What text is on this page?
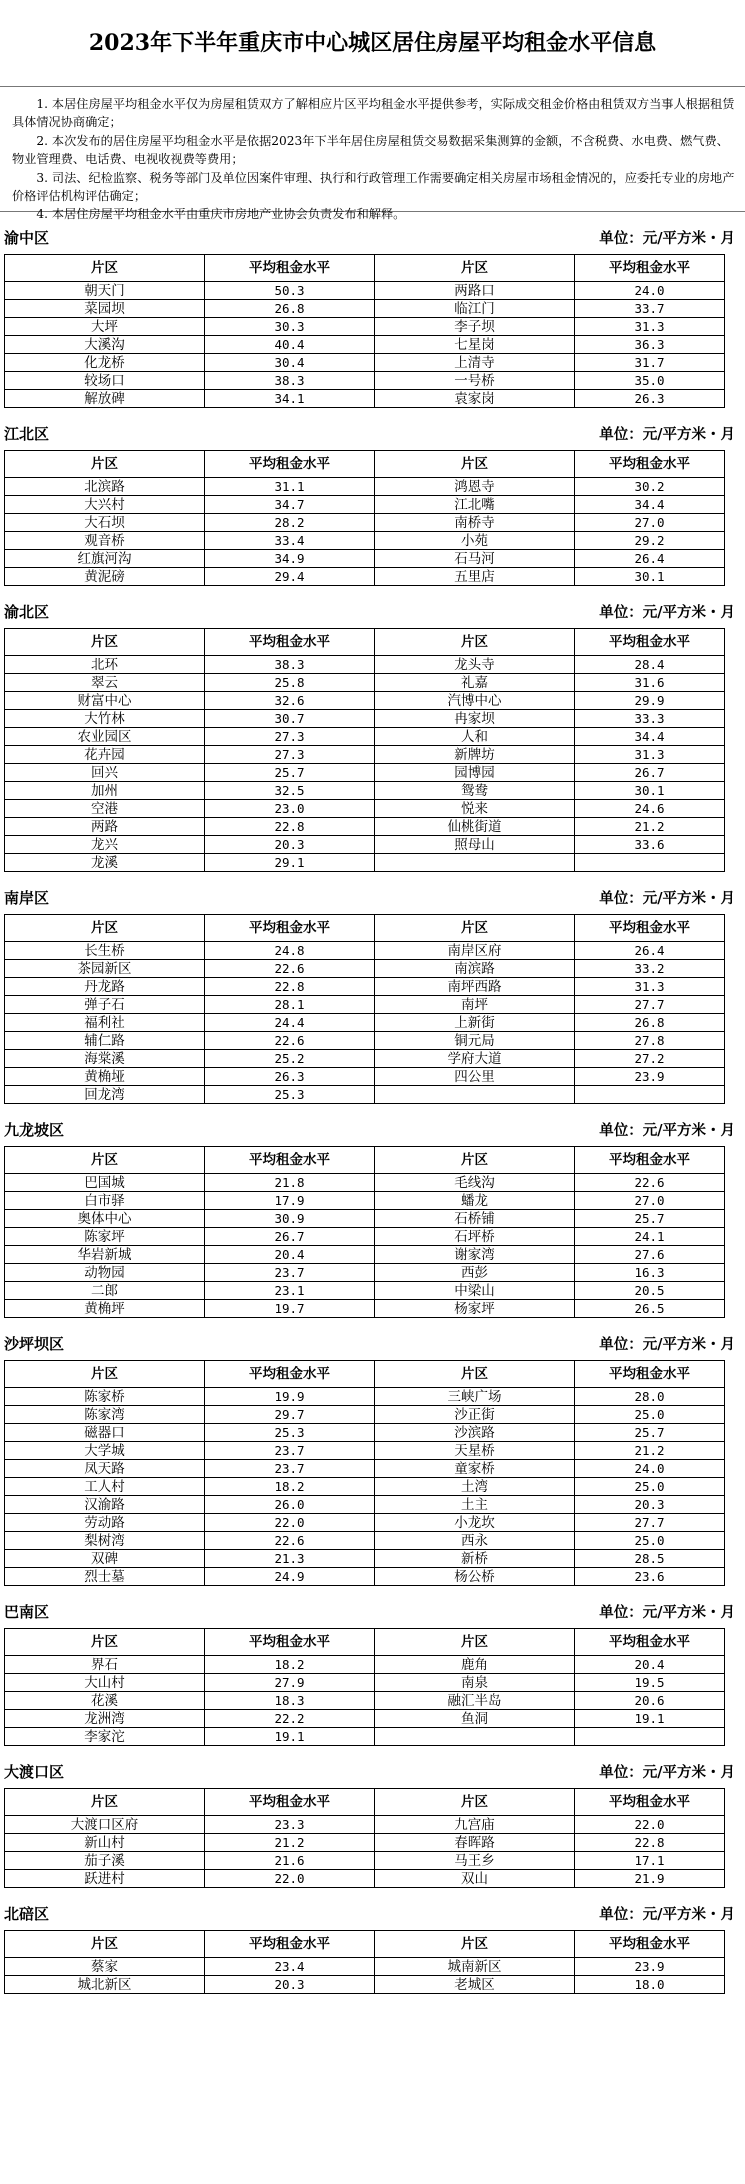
2023年下半年重庆市中心城区居住房屋平均租金水平信息

1. 本居住房屋平均租金水平仅为房屋租赁双方了解相应片区平均租金水平提供参考，实际成交租金价格由租赁双方当事人根据租赁具体情况协商确定；

2. 本次发布的居住房屋平均租金水平是依据2023年下半年居住房屋租赁交易数据采集测算的金额，不含税费、水电费、燃气费、物业管理费、电话费、电视收视费等费用；

3. 司法、纪检监察、税务等部门及单位因案件审理、执行和行政管理工作需要确定相关房屋市场租金情况的，应委托专业的房地产价格评估机构评估确定；

4. 本居住房屋平均租金水平由重庆市房地产业协会负责发布和解释。

渝中区	单位：元/平方米・月
片区	平均租金水平	片区	平均租金水平
朝天门	50.3	两路口	24.0
菜园坝	26.8	临江门	33.7
大坪	30.3	李子坝	31.3
大溪沟	40.4	七星岗	36.3
化龙桥	30.4	上清寺	31.7
较场口	38.3	一号桥	35.0
解放碑	34.1	袁家岗	26.3
江北区	单位：元/平方米・月
片区	平均租金水平	片区	平均租金水平
北滨路	31.1	鸿恩寺	30.2
大兴村	34.7	江北嘴	34.4
大石坝	28.2	南桥寺	27.0
观音桥	33.4	小苑	29.2
红旗河沟	34.9	石马河	26.4
黄泥磅	29.4	五里店	30.1
渝北区	单位：元/平方米・月
片区	平均租金水平	片区	平均租金水平
北环	38.3	龙头寺	28.4
翠云	25.8	礼嘉	31.6
财富中心	32.6	汽博中心	29.9
大竹林	30.7	冉家坝	33.3
农业园区	27.3	人和	34.4
花卉园	27.3	新牌坊	31.3
回兴	25.7	园博园	26.7
加州	32.5	鸳鸯	30.1
空港	23.0	悦来	24.6
两路	22.8	仙桃街道	21.2
龙兴	20.3	照母山	33.6
龙溪	29.1		
南岸区	单位：元/平方米・月
片区	平均租金水平	片区	平均租金水平
长生桥	24.8	南岸区府	26.4
茶园新区	22.6	南滨路	33.2
丹龙路	22.8	南坪西路	31.3
弹子石	28.1	南坪	27.7
福利社	24.4	上新街	26.8
辅仁路	22.6	铜元局	27.8
海棠溪	25.2	学府大道	27.2
黄桷垭	26.3	四公里	23.9
回龙湾	25.3		
九龙坡区	单位：元/平方米・月
片区	平均租金水平	片区	平均租金水平
巴国城	21.8	毛线沟	22.6
白市驿	17.9	蟠龙	27.0
奥体中心	30.9	石桥铺	25.7
陈家坪	26.7	石坪桥	24.1
华岩新城	20.4	谢家湾	27.6
动物园	23.7	西彭	16.3
二郎	23.1	中梁山	20.5
黄桷坪	19.7	杨家坪	26.5
沙坪坝区	单位：元/平方米・月
片区	平均租金水平	片区	平均租金水平
陈家桥	19.9	三峡广场	28.0
陈家湾	29.7	沙正街	25.0
磁器口	25.3	沙滨路	25.7
大学城	23.7	天星桥	21.2
凤天路	23.7	童家桥	24.0
工人村	18.2	土湾	25.0
汉渝路	26.0	土主	20.3
劳动路	22.0	小龙坎	27.7
梨树湾	22.6	西永	25.0
双碑	21.3	新桥	28.5
烈士墓	24.9	杨公桥	23.6
巴南区	单位：元/平方米・月
片区	平均租金水平	片区	平均租金水平
界石	18.2	鹿角	20.4
大山村	27.9	南泉	19.5
花溪	18.3	融汇半岛	20.6
龙洲湾	22.2	鱼洞	19.1
李家沱	19.1		
大渡口区	单位：元/平方米・月
片区	平均租金水平	片区	平均租金水平
大渡口区府	23.3	九宫庙	22.0
新山村	21.2	春晖路	22.8
茄子溪	21.6	马王乡	17.1
跃进村	22.0	双山	21.9
北碚区	单位：元/平方米・月
片区	平均租金水平	片区	平均租金水平
蔡家	23.4	城南新区	23.9
城北新区	20.3	老城区	18.0
